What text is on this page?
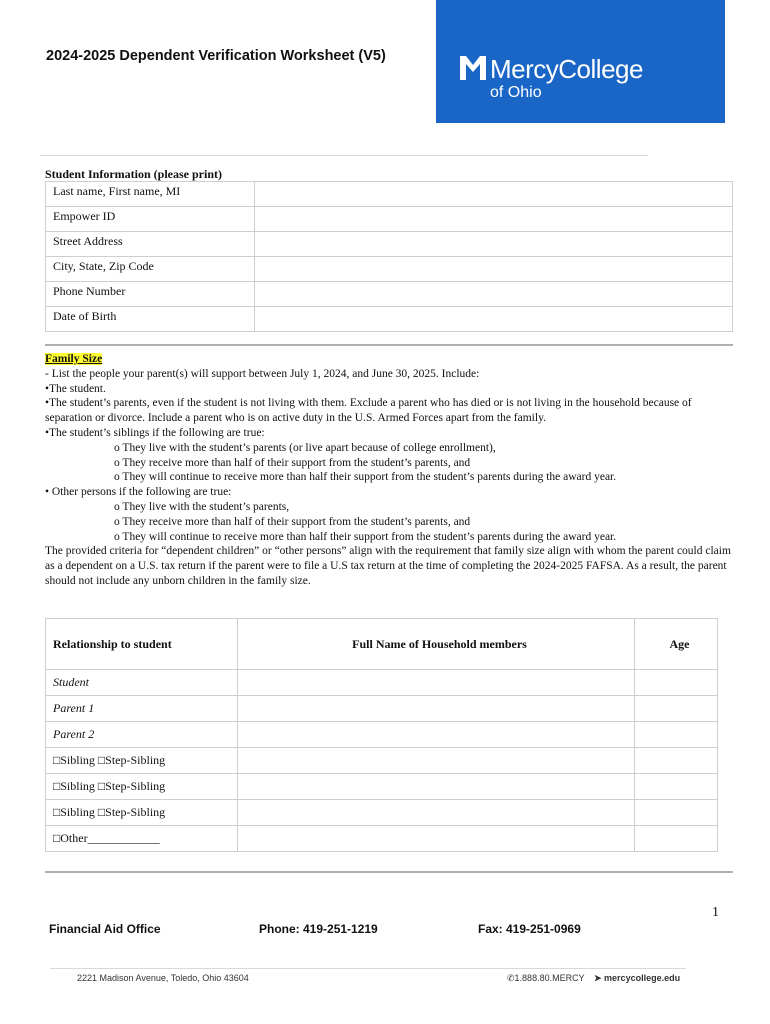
2024-2025 Dependent Verification Worksheet (V5)	MercyCollege
of Ohio
Student Information (please print)
Last name, First name, MI	
Empower ID	
Street Address	
City, State, Zip Code	
Phone Number	
Date of Birth	

Family Size

- List the people your parent(s) will support between July 1, 2024, and June 30, 2025. Include:

•The student.

•The student’s parents, even if the student is not living with them. Exclude a parent who has died or is not living in the household because of separation or divorce. Include a parent who is on active duty in the U.S. Armed Forces apart from the family.

•The student’s siblings if the following are true:

o They live with the student’s parents (or live apart because of college enrollment),

o They receive more than half of their support from the student’s parents, and

o They will continue to receive more than half their support from the student’s parents during the award year.

• Other persons if the following are true:

o They live with the student’s parents,

o They receive more than half of their support from the student’s parents, and

o They will continue to receive more than half their support from the student’s parents during the award year.

The provided criteria for “dependent children” or “other persons” align with the requirement that family size align with whom the parent could claim as a dependent on a U.S. tax return if the parent were to file a U.S tax return at the time of completing the 2024-2025 FAFSA. As a result, the parent should not include any unborn children in the family size.

Relationship to student	Full Name of Household members	Age
Student		
Parent 1		
Parent 2		
□Sibling □Step-Sibling		
□Sibling □Step-Sibling		
□Sibling □Step-Sibling		
□Other____________		
1
Financial Aid Office	Phone: 419-251-1219	Fax: 419-251-0969
2221 Madison Avenue, Toledo, Ohio 43604	✆1.888.80.MERCY ➤ mercycollege.edu
